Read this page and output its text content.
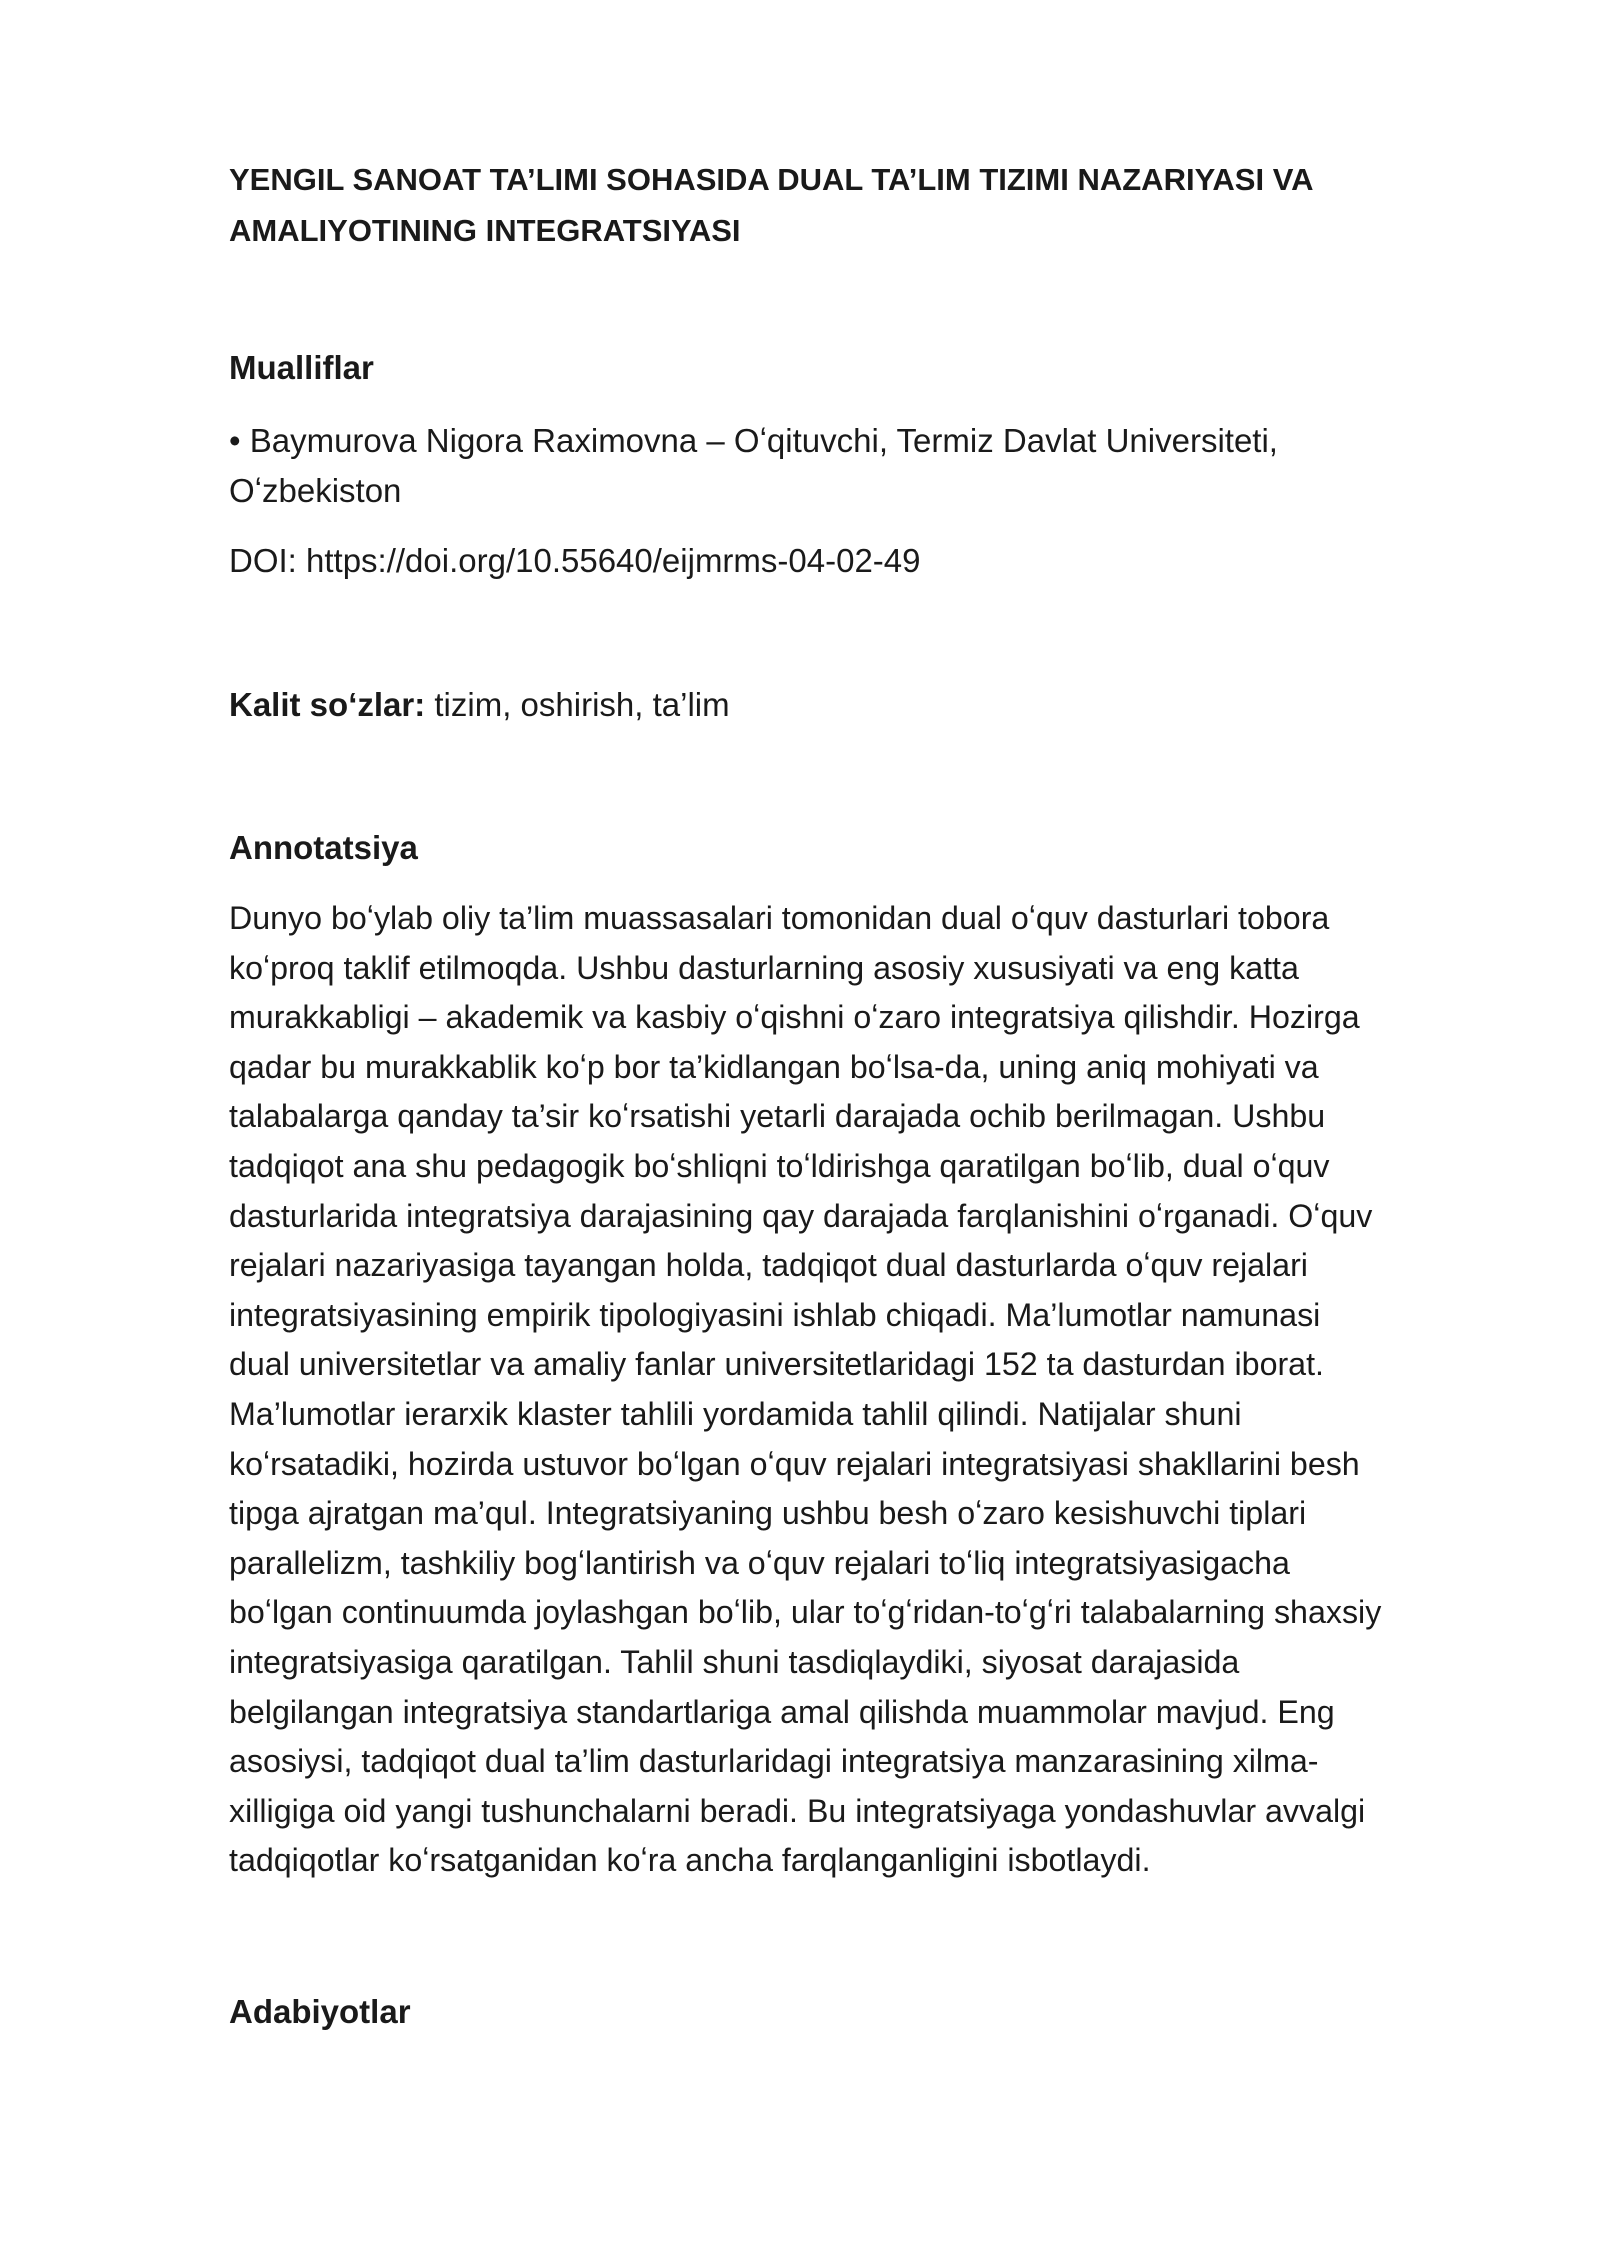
YENGIL SANOAT TA’LIMI SOHASIDA DUAL TA’LIM TIZIMI NAZARIYASI VA
AMALIYOTINING INTEGRATSIYASI
Mualliflar

• Baymurova Nigora Raximovna – Oʻqituvchi, Termiz Davlat Universiteti,
Oʻzbekiston

DOI: https://doi.org/10.55640/eijmrms-04-02-49

Kalit soʻzlar: tizim, oshirish, ta’lim

Annotatsiya

Dunyo boʻylab oliy ta’lim muassasalari tomonidan dual oʻquv dasturlari tobora
koʻproq taklif etilmoqda. Ushbu dasturlarning asosiy xususiyati va eng katta
murakkabligi – akademik va kasbiy oʻqishni oʻzaro integratsiya qilishdir. Hozirga
qadar bu murakkablik koʻp bor ta’kidlangan boʻlsa-da, uning aniq mohiyati va
talabalarga qanday ta’sir koʻrsatishi yetarli darajada ochib berilmagan. Ushbu
tadqiqot ana shu pedagogik boʻshliqni toʻldirishga qaratilgan boʻlib, dual oʻquv
dasturlarida integratsiya darajasining qay darajada farqlanishini oʻrganadi. Oʻquv
rejalari nazariyasiga tayangan holda, tadqiqot dual dasturlarda oʻquv rejalari
integratsiyasining empirik tipologiyasini ishlab chiqadi. Ma’lumotlar namunasi
dual universitetlar va amaliy fanlar universitetlaridagi 152 ta dasturdan iborat.
Ma’lumotlar ierarxik klaster tahlili yordamida tahlil qilindi. Natijalar shuni
koʻrsatadiki, hozirda ustuvor boʻlgan oʻquv rejalari integratsiyasi shakllarini besh
tipga ajratgan ma’qul. Integratsiyaning ushbu besh oʻzaro kesishuvchi tiplari
parallelizm, tashkiliy bogʻlantirish va oʻquv rejalari toʻliq integratsiyasigacha
boʻlgan continuumda joylashgan boʻlib, ular toʻgʻridan-toʻgʻri talabalarning shaxsiy
integratsiyasiga qaratilgan. Tahlil shuni tasdiqlaydiki, siyosat darajasida
belgilangan integratsiya standartlariga amal qilishda muammolar mavjud. Eng
asosiysi, tadqiqot dual ta’lim dasturlaridagi integratsiya manzarasining xilma-
xilligiga oid yangi tushunchalarni beradi. Bu integratsiyaga yondashuvlar avvalgi
tadqiqotlar koʻrsatganidan koʻra ancha farqlanganligini isbotlaydi.

Adabiyotlar
